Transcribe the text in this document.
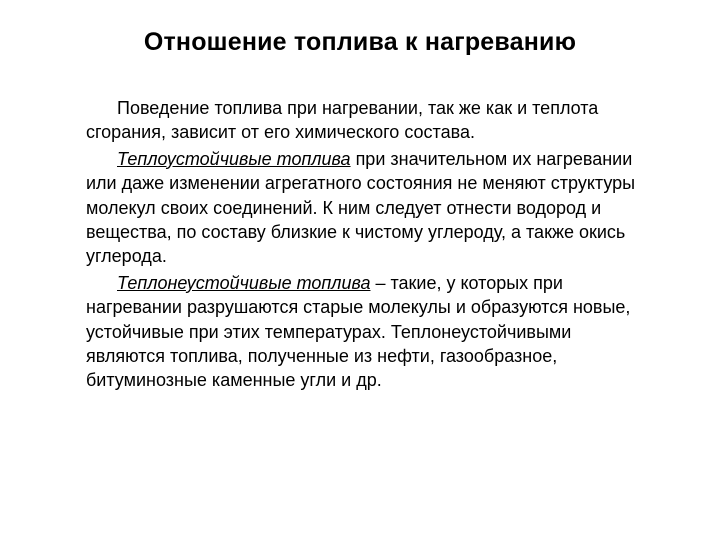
Отношение топлива к нагреванию

Поведение топлива при нагревании, так же как и теплота сгорания, зависит от его химического состава.

Теплоустойчивые топлива при значительном их нагревании или даже изменении агрегатного состояния не меняют структуры молекул своих соединений. К ним следует отнести водород и вещества, по составу близкие к чистому углероду, а также окись углерода.

Теплонеустойчивые топлива – такие, у которых при нагревании разрушаются старые молекулы и образуются новые, устойчивые при этих температурах. Теплонеустойчивыми являются топлива, полученные из нефти, газообразное, битуминозные каменные угли и др.
